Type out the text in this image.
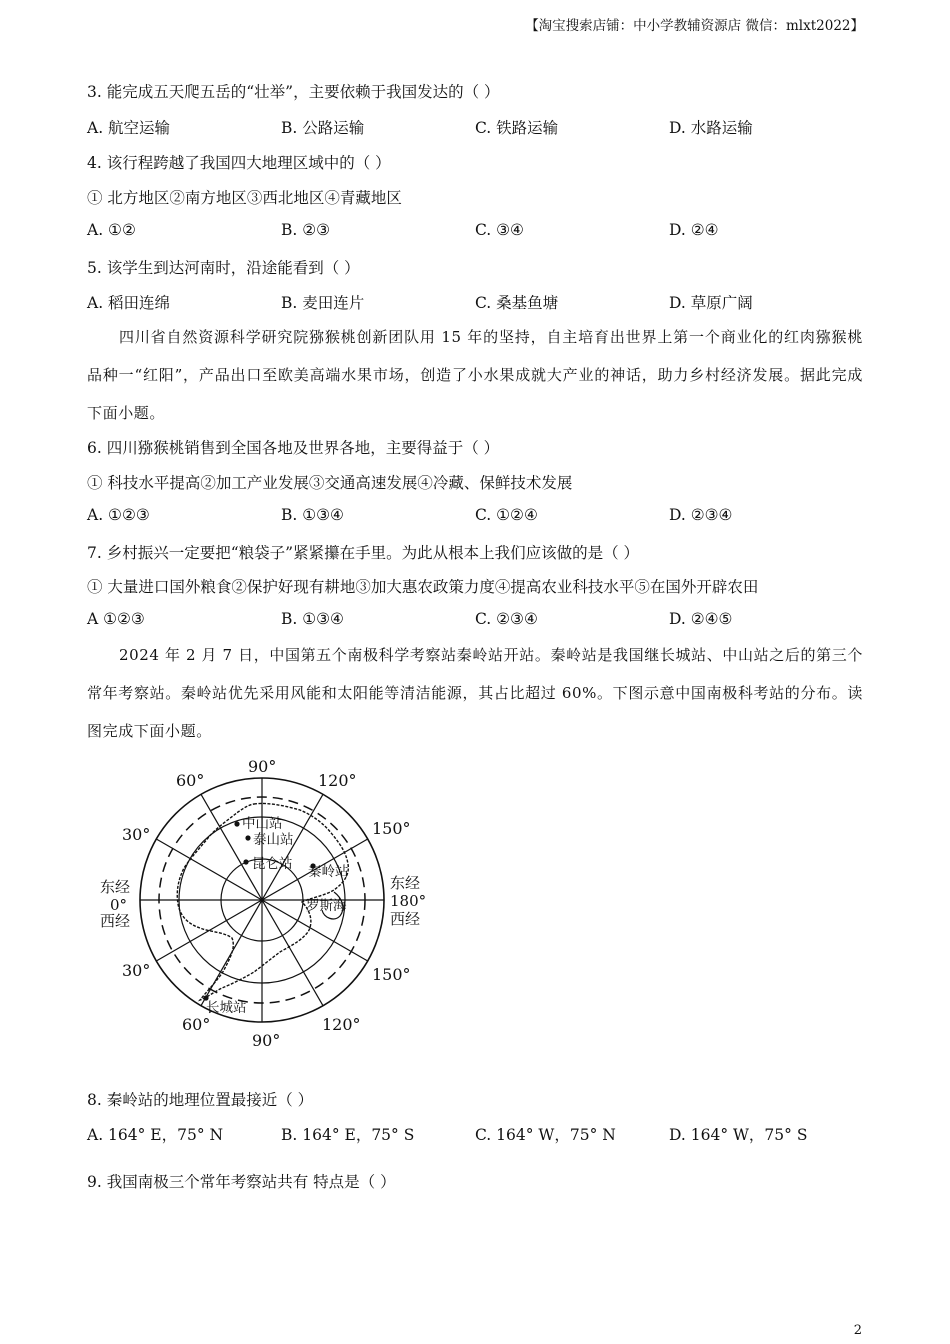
【淘宝搜索店铺：中小学教辅资源店 微信：mlxt2022】
3. 能完成五天爬五岳的“壮举”，主要依赖于我国发达的（ ）
A. 航空运输	B. 公路运输	C. 铁路运输	D. 水路运输
4. 该行程跨越了我国四大地理区域中的（ ）
① 北方地区②南方地区③西北地区④青藏地区
A. ①②	B. ②③	C. ③④	D. ②④
5. 该学生到达河南时，沿途能看到（ ）
A. 稻田连绵	B. 麦田连片	C. 桑基鱼塘	D. 草原广阔
四川省自然资源科学研究院猕猴桃创新团队用 15 年的坚持，自主培育出世界上第一个商业化的红肉猕猴桃品种一“红阳”，产品出口至欧美高端水果市场，创造了小水果成就大产业的神话，助力乡村经济发展。据此完成下面小题。
6. 四川猕猴桃销售到全国各地及世界各地，主要得益于（ ）
① 科技水平提高②加工产业发展③交通高速发展④冷藏、保鲜技术发展
A. ①②③	B. ①③④	C. ①②④	D. ②③④
7. 乡村振兴一定要把“粮袋子”紧紧攥在手里。为此从根本上我们应该做的是（ ）
① 大量进口国外粮食②保护好现有耕地③加大惠农政策力度④提高农业科技水平⑤在国外开辟农田
A ①②③	B. ①③④	C. ②③④	D. ②④⑤
2024 年 2 月 7 日，中国第五个南极科学考察站秦岭站开站。秦岭站是我国继长城站、中山站之后的第三个常年考察站。秦岭站优先采用风能和太阳能等清洁能源，其占比超过 60%。下图示意中国南极科考站的分布。读图完成下面小题。
90°
60°	120°
30°	150°
东经
0°
西经
东经
180°
西经
30°	150°
60°
90°
120°
中山站
泰山站
昆仑站 秦岭站
长城站
罗斯海
8. 秦岭站的地理位置最接近（ ）
A. 164° E，75° N	B. 164° E，75° S	C. 164° W，75° N	D. 164° W，75° S
9. 我国南极三个常年考察站共有 特点是（ ）
2
